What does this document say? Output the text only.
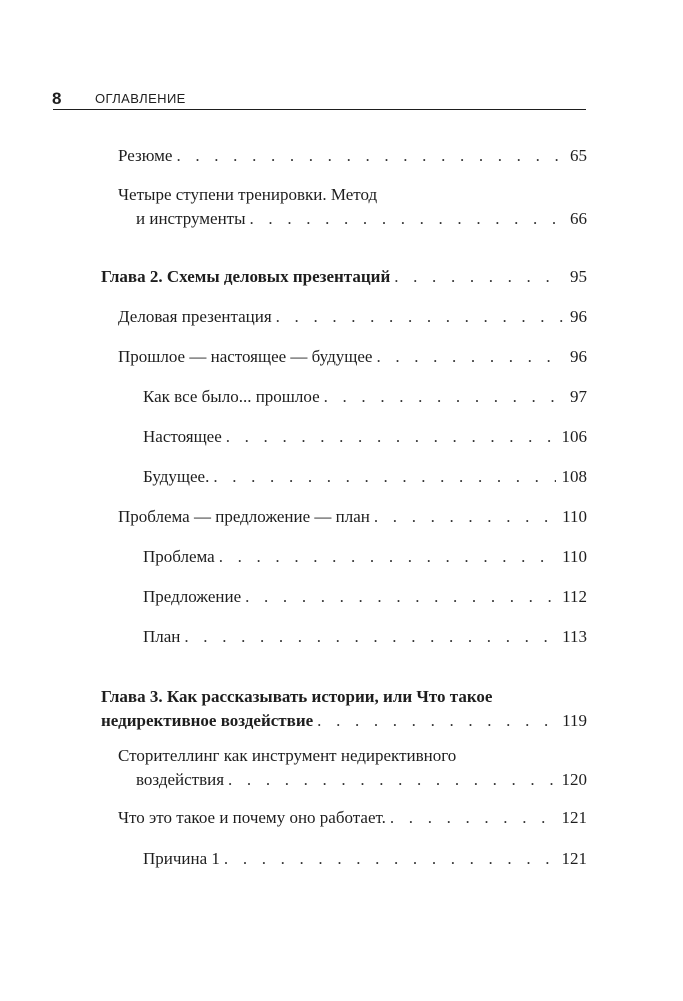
8	ОГЛАВЛЕНИЕ
Резюме . . .	65
Четыре ступени тренировки. Метод
и инструменты . . .	66
Глава 2. Схемы деловых презентаций . . .	95
Деловая презентация . . .	96
Прошлое — настоящее — будущее . . .	96
Как все было... прошлое . . .	97
Настоящее . . .	106
Будущее. . . .	108
Проблема — предложение — план . . .	110
Проблема . . .	110
Предложение . . .	112
План . . .	113
Глава 3. Как рассказывать истории, или Что такое
недирективное воздействие . . .	119
Сторителлинг как инструмент недирективного
воздействия . . .	120
Что это такое и почему оно работает. . . .	121
Причина 1 . . .	121
